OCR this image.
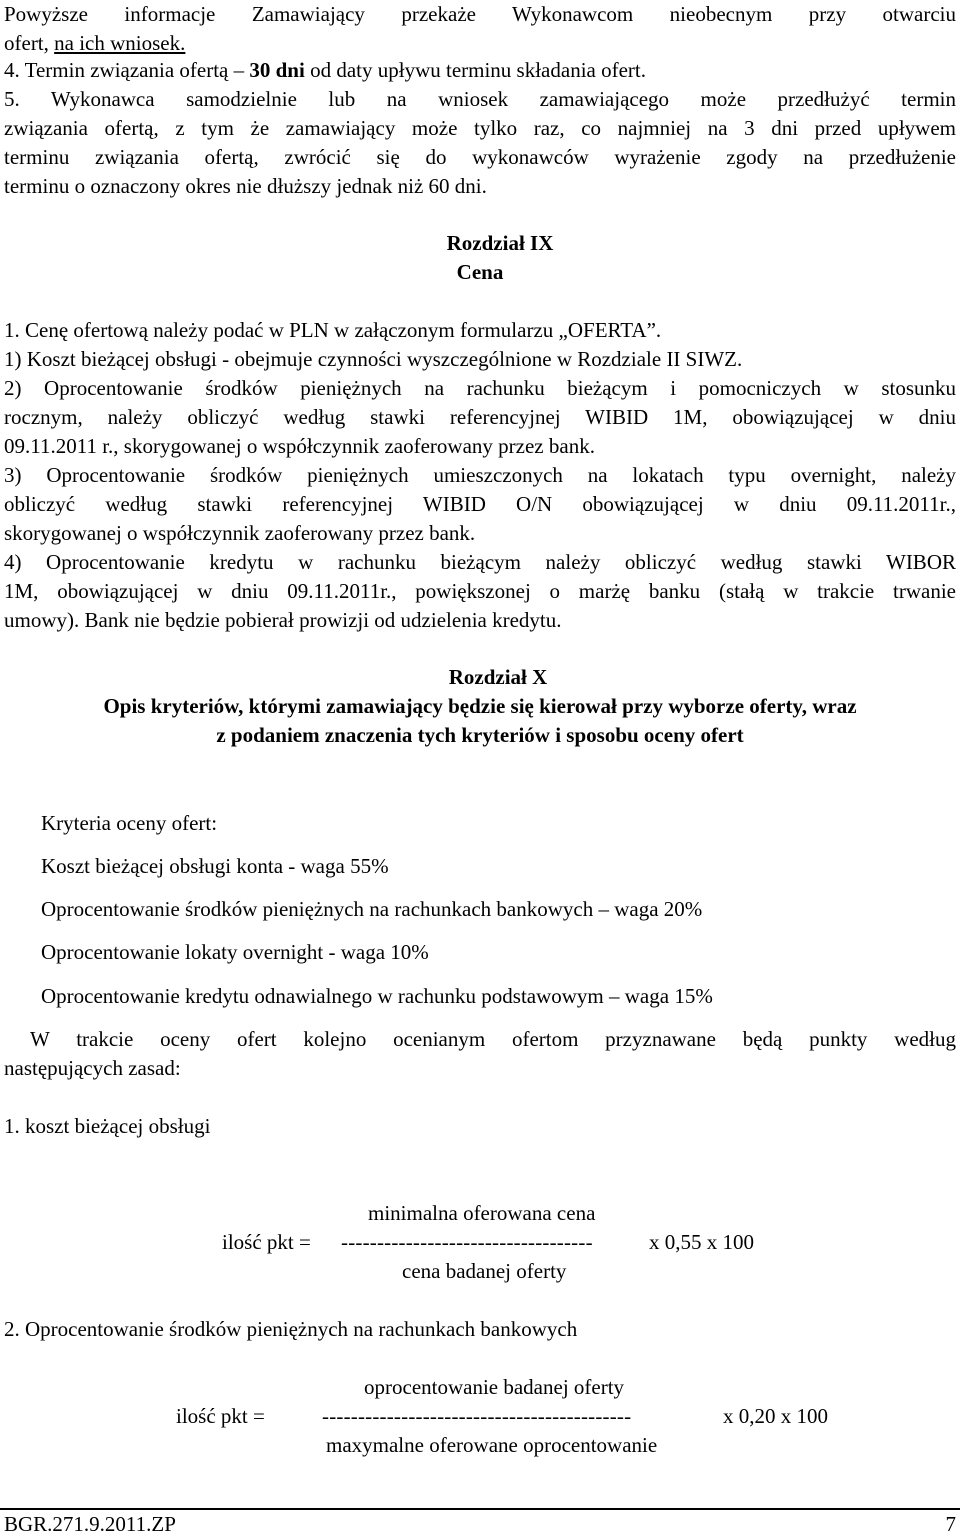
Powyższe informacje Zamawiający przekaże Wykonawcom nieobecnym przy otwarciu
ofert, na ich wniosek.
4. Termin związania ofertą – 30 dni od daty upływu terminu składania ofert.
5. Wykonawca samodzielnie lub na wniosek zamawiającego może przedłużyć termin
związania ofertą, z tym że zamawiający może tylko raz, co najmniej na 3 dni przed upływem
terminu związania ofertą, zwrócić się do wykonawców wyrażenie zgody na przedłużenie
terminu o oznaczony okres nie dłuższy jednak niż 60 dni.
Rozdział IX
Cena
1. Cenę ofertową należy podać w PLN w załączonym formularzu „OFERTA”.
1) Koszt bieżącej obsługi - obejmuje czynności wyszczególnione w Rozdziale II SIWZ.
2) Oprocentowanie środków pieniężnych na rachunku bieżącym i pomocniczych w stosunku
rocznym, należy obliczyć według stawki referencyjnej WIBID 1M, obowiązującej w dniu
09.11.2011 r., skorygowanej o współczynnik zaoferowany przez bank.
3) Oprocentowanie środków pieniężnych umieszczonych na lokatach typu overnight, należy
obliczyć według stawki referencyjnej WIBID O/N obowiązującej w dniu 09.11.2011r.,
skorygowanej o współczynnik zaoferowany przez bank.
4) Oprocentowanie kredytu w rachunku bieżącym należy obliczyć według stawki WIBOR
1M, obowiązującej w dniu 09.11.2011r., powiększonej o marżę banku (stałą w trakcie trwanie
umowy). Bank nie będzie pobierał prowizji od udzielenia kredytu.
Rozdział X
Opis kryteriów, którymi zamawiający będzie się kierował przy wyborze oferty, wraz
z podaniem znaczenia tych kryteriów i sposobu oceny ofert
Kryteria oceny ofert:
Koszt bieżącej obsługi konta - waga 55%
Oprocentowanie środków pieniężnych na rachunkach bankowych – waga 20%
Oprocentowanie lokaty overnight - waga 10%
Oprocentowanie kredytu odnawialnego w rachunku podstawowym – waga 15%
W trakcie oceny ofert kolejno ocenianym ofertom przyznawane będą punkty według
następujących zasad:
1. koszt bieżącej obsługi
minimalna oferowana cena
ilość pkt = -----------------------------------	x 0,55 x 100
cena badanej oferty
2. Oprocentowanie środków pieniężnych na rachunkach bankowych
oprocentowanie badanej oferty
ilość pkt =	-------------------------------------------	x 0,20 x 100
maxymalne oferowane oprocentowanie
BGR.271.9.2011.ZP	7
